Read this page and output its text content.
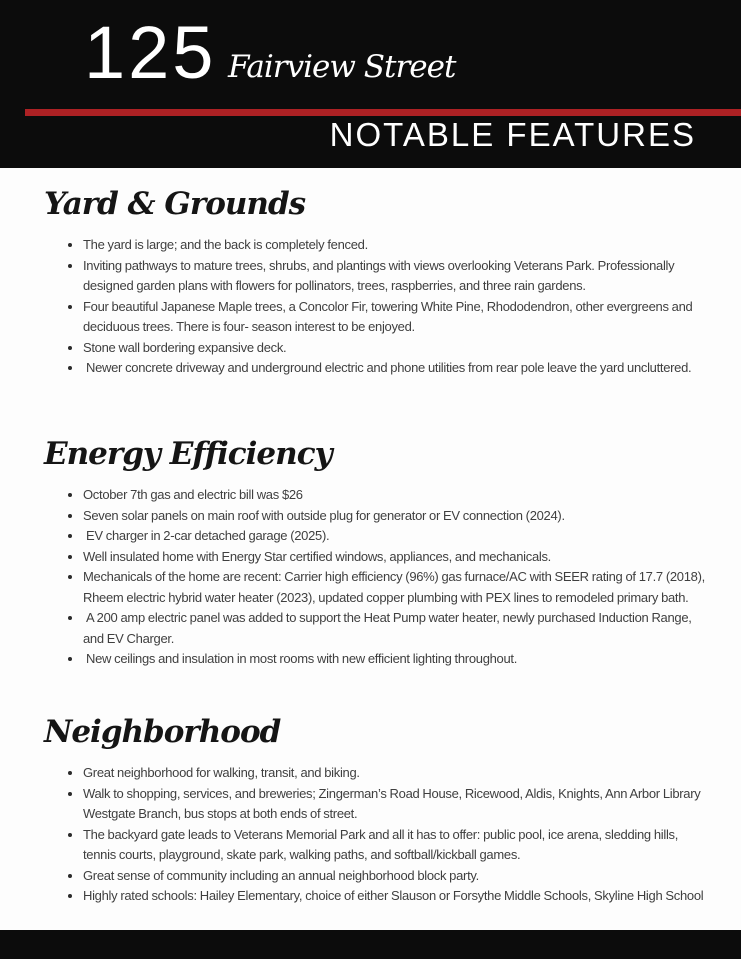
125 Fairview Street
NOTABLE FEATURES
Yard & Grounds
• The yard is large; and the back is completely fenced.
• Inviting pathways to mature trees, shrubs, and plantings with views overlooking Veterans Park. Professionally designed garden plans with flowers for pollinators, trees, raspberries, and three rain gardens.
• Four beautiful Japanese Maple trees, a Concolor Fir, towering White Pine, Rhododendron, other evergreens and deciduous trees. There is four- season interest to be enjoyed.
• Stone wall bordering expansive deck.
•  Newer concrete driveway and underground electric and phone utilities from rear pole leave the yard uncluttered.
Energy Efficiency
• October 7th gas and electric bill was $26
• Seven solar panels on main roof with outside plug for generator or EV connection (2024).
•  EV charger in 2-car detached garage (2025).
• Well insulated home with Energy Star certified windows, appliances, and mechanicals.
• Mechanicals of the home are recent: Carrier high efficiency (96%) gas furnace/AC with SEER rating of 17.7 (2018), Rheem electric hybrid water heater (2023), updated copper plumbing with PEX lines to remodeled primary bath.
•  A 200 amp electric panel was added to support the Heat Pump water heater, newly purchased Induction Range, and EV Charger.
•  New ceilings and insulation in most rooms with new efficient lighting throughout.
Neighborhood
• Great neighborhood for walking, transit, and biking.
• Walk to shopping, services, and breweries; Zingerman’s Road House, Ricewood, Aldis, Knights, Ann Arbor Library Westgate Branch, bus stops at both ends of street.
• The backyard gate leads to Veterans Memorial Park and all it has to offer: public pool, ice arena, sledding hills, tennis courts, playground, skate park, walking paths, and softball/kickball games.
• Great sense of community including an annual neighborhood block party.
• Highly rated schools: Hailey Elementary, choice of either Slauson or Forsythe Middle Schools, Skyline High School
